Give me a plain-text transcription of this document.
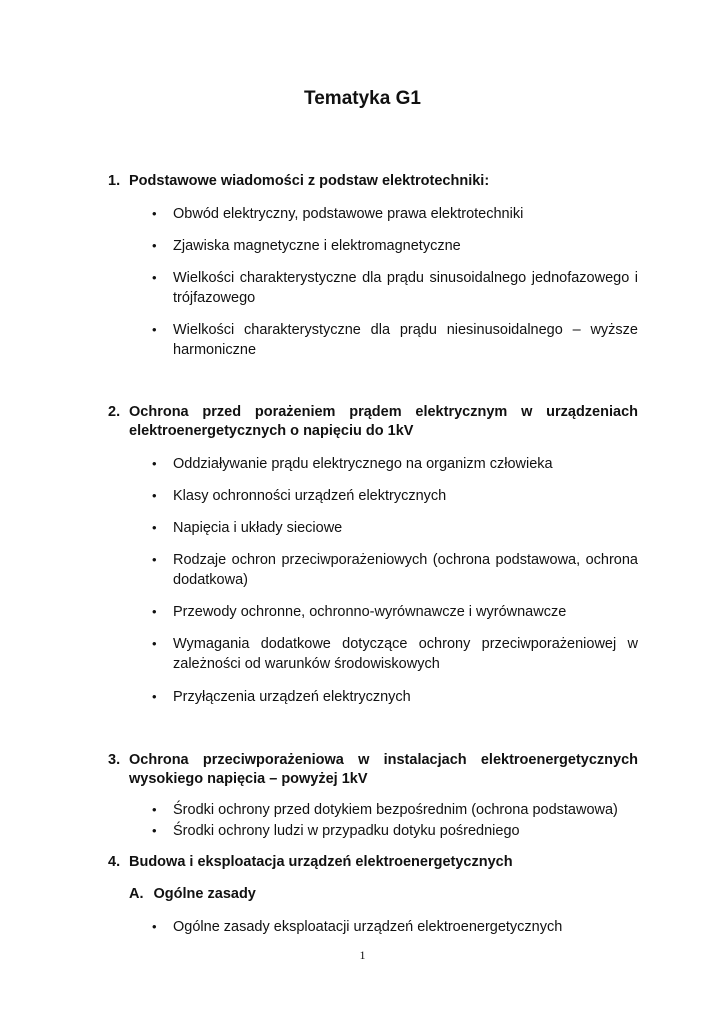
Tematyka G1
1. Podstawowe wiadomości z podstaw elektrotechniki:
• Obwód elektryczny, podstawowe prawa elektrotechniki
• Zjawiska magnetyczne i elektromagnetyczne
• Wielkości charakterystyczne dla prądu sinusoidalnego jednofazowego i trójfazowego
• Wielkości charakterystyczne dla prądu niesinusoidalnego – wyższe harmoniczne
2. Ochrona przed porażeniem prądem elektrycznym w urządzeniach elektroenergetycznych o napięciu do 1kV
• Oddziaływanie prądu elektrycznego na organizm człowieka
• Klasy ochronności urządzeń elektrycznych
• Napięcia i układy sieciowe
• Rodzaje ochron przeciwporażeniowych (ochrona podstawowa, ochrona dodatkowa)
• Przewody ochronne, ochronno-wyrównawcze i wyrównawcze
• Wymagania dodatkowe dotyczące ochrony przeciwporażeniowej w zależności od warunków środowiskowych
• Przyłączenia urządzeń elektrycznych
3. Ochrona przeciwporażeniowa w instalacjach elektroenergetycznych wysokiego napięcia – powyżej 1kV
• Środki ochrony przed dotykiem bezpośrednim (ochrona podstawowa)
• Środki ochrony ludzi w przypadku dotyku pośredniego
4. Budowa i eksploatacja urządzeń elektroenergetycznych
A. Ogólne zasady
• Ogólne zasady eksploatacji urządzeń elektroenergetycznych
1
